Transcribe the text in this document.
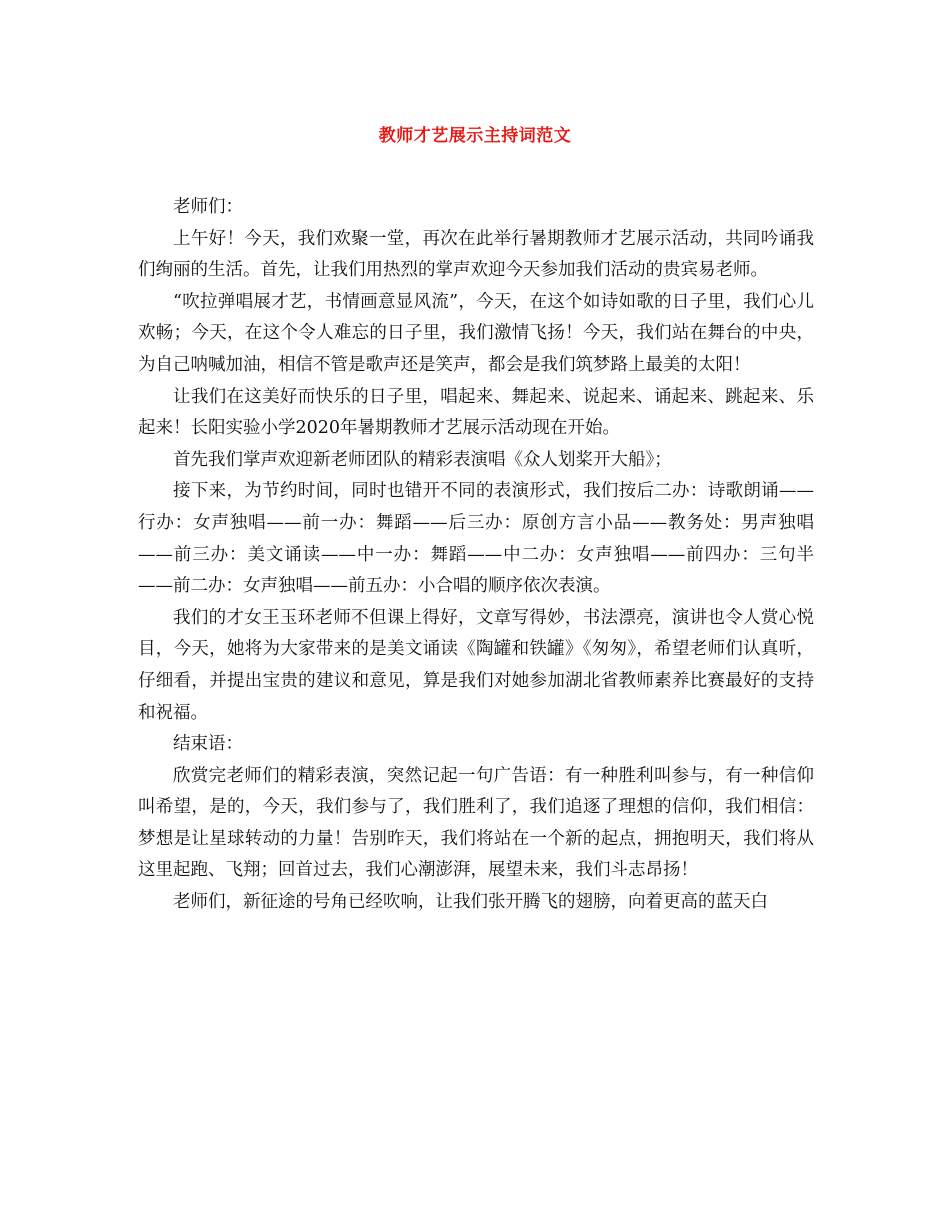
教师才艺展示主持词范文

老师们：

上午好！今天，我们欢聚一堂，再次在此举行暑期教师才艺展示活动，共同吟诵我们绚丽的生活。首先，让我们用热烈的掌声欢迎今天参加我们活动的贵宾易老师。

“吹拉弹唱展才艺，书情画意显风流”，今天，在这个如诗如歌的日子里，我们心儿欢畅；今天，在这个令人难忘的日子里，我们激情飞扬！今天，我们站在舞台的中央，为自己呐喊加油，相信不管是歌声还是笑声，都会是我们筑梦路上最美的太阳！

让我们在这美好而快乐的日子里，唱起来、舞起来、说起来、诵起来、跳起来、乐起来！长阳实验小学2020年暑期教师才艺展示活动现在开始。

首先我们掌声欢迎新老师团队的精彩表演唱《众人划桨开大船》；

接下来，为节约时间，同时也错开不同的表演形式，我们按后二办：诗歌朗诵——行办：女声独唱——前一办：舞蹈——后三办：原创方言小品——教务处：男声独唱——前三办：美文诵读——中一办：舞蹈——中二办：女声独唱——前四办：三句半——前二办：女声独唱——前五办：小合唱的顺序依次表演。

我们的才女王玉环老师不但课上得好，文章写得妙，书法漂亮，演讲也令人赏心悦目，今天，她将为大家带来的是美文诵读《陶罐和铁罐》《匆匆》，希望老师们认真听，仔细看，并提出宝贵的建议和意见，算是我们对她参加湖北省教师素养比赛最好的支持和祝福。

结束语：

欣赏完老师们的精彩表演，突然记起一句广告语：有一种胜利叫参与，有一种信仰叫希望，是的，今天，我们参与了，我们胜利了，我们追逐了理想的信仰，我们相信：梦想是让星球转动的力量！告别昨天，我们将站在一个新的起点，拥抱明天，我们将从这里起跑、飞翔；回首过去，我们心潮澎湃，展望未来，我们斗志昂扬！

老师们，新征途的号角已经吹响，让我们张开腾飞的翅膀，向着更高的蓝天白
